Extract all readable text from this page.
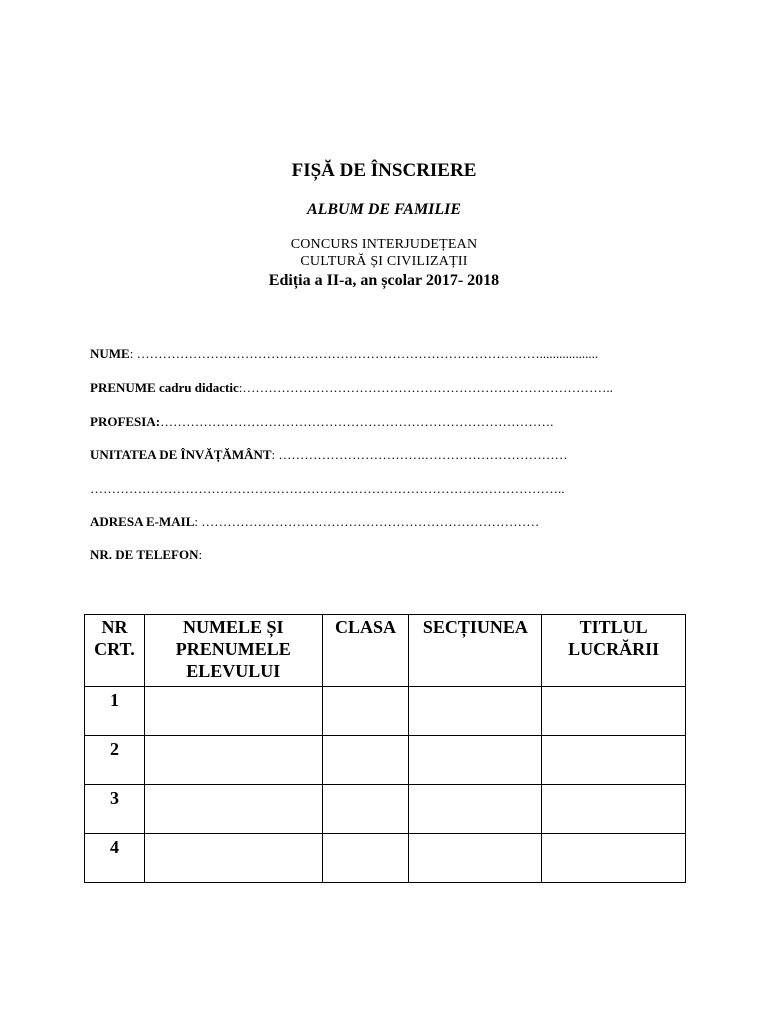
FIȘĂ DE ÎNSCRIERE
ALBUM DE FAMILIE
CONCURS INTERJUDEȚEAN
CULTURĂ ȘI CIVILIZAȚII
Ediția a II-a, an școlar 2017- 2018
NUME: …………………………………………………………………………………..................
PRENUME cadru didactic:…………………………………………………………………………..
PROFESIA:……………………………………………………………………………….
UNITATEA DE ÎNVĂȚĂMÂNT: …………………………….……………………………
………………………………………………………………………………………………..
ADRESA E-MAIL: ……………………………………………………………………
NR. DE TELEFON:
NR CRT.	NUMELE ȘI PRENUMELE ELEVULUI	CLASA	SECȚIUNEA	TITLUL LUCRĂRII
1				
2				
3				
4				
